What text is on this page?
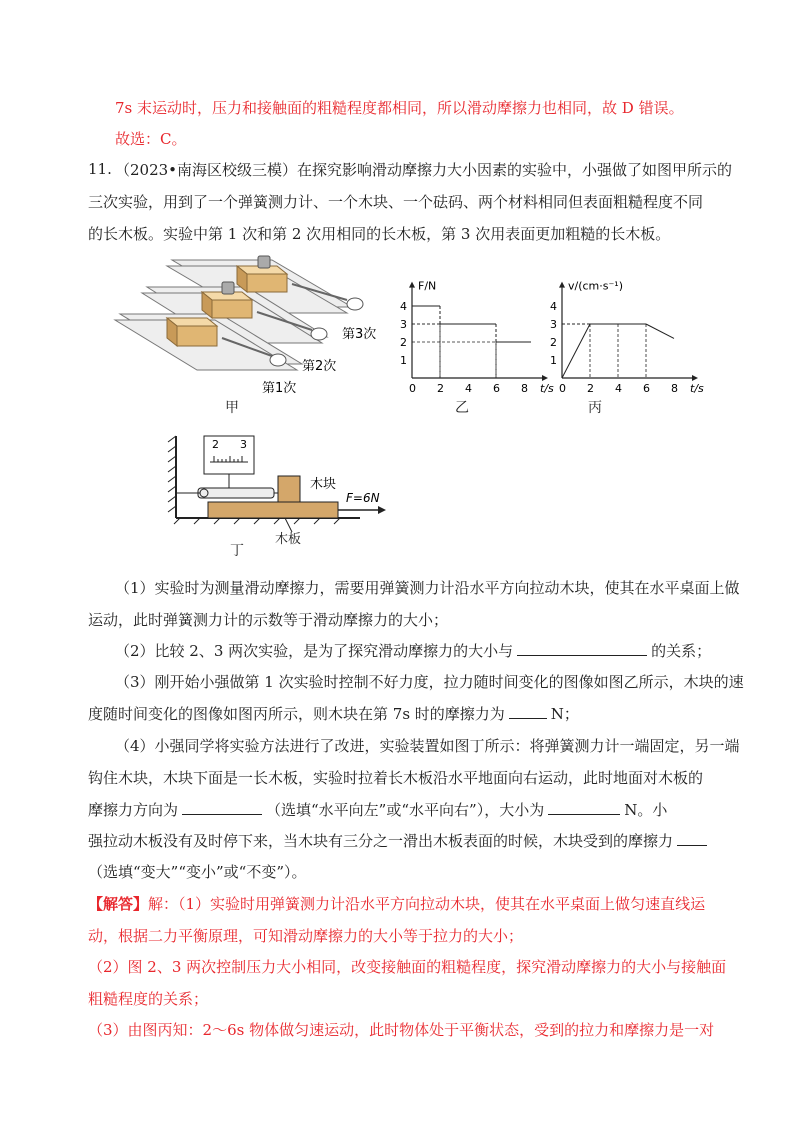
7s 末运动时，压力和接触面的粗糙程度都相同，所以滑动摩擦力也相同，故 D 错误。
故选：C。
11. （2023•南海区校级三模）在探究影响滑动摩擦力大小因素的实验中，小强做了如图甲所示的
三次实验，用到了一个弹簧测力计、一个木块、一个砝码、两个材料相同但表面粗糙程度不同
的长木板。实验中第 1 次和第 2 次用相同的长木板，第 3 次用表面更加粗糙的长木板。
第3次
第2次
第1次
甲
F/N
t/s
1
2
3
4
0 2 4 6 8
乙
v/(cm·s⁻¹)
t/s
1
2
3
4
0 2 4 6 8
丙
2 3
木块
F=6N
木板
丁
（1）实验时为测量滑动摩擦力，需要用弹簧测力计沿水平方向拉动木块，使其在水平桌面上做
运动，此时弹簧测力计的示数等于滑动摩擦力的大小；
（2）比较 2、3 两次实验，是为了探究滑动摩擦力的大小与	的关系；
（3）刚开始小强做第 1 次实验时控制不好力度，拉力随时间变化的图像如图乙所示，木块的速
度随时间变化的图像如图丙所示，则木块在第 7s 时的摩擦力为	N；
（4）小强同学将实验方法进行了改进，实验装置如图丁所示：将弹簧测力计一端固定，另一端
钩住木块，木块下面是一长木板，实验时拉着长木板沿水平地面向右运动，此时地面对木板的
摩擦力方向为	（选填“水平向左”或“水平向右”），大小为	N。小
强拉动木板没有及时停下来，当木块有三分之一滑出木板表面的时候，木块受到的摩擦力
（选填“变大”“变小”或“不变”）。
【解答】解：（1）实验时用弹簧测力计沿水平方向拉动木块，使其在水平桌面上做匀速直线运
动，根据二力平衡原理，可知滑动摩擦力的大小等于拉力的大小；
（2）图 2、3 两次控制压力大小相同，改变接触面的粗糙程度，探究滑动摩擦力的大小与接触面
粗糙程度的关系；
（3）由图丙知：2～6s 物体做匀速运动，此时物体处于平衡状态，受到的拉力和摩擦力是一对
